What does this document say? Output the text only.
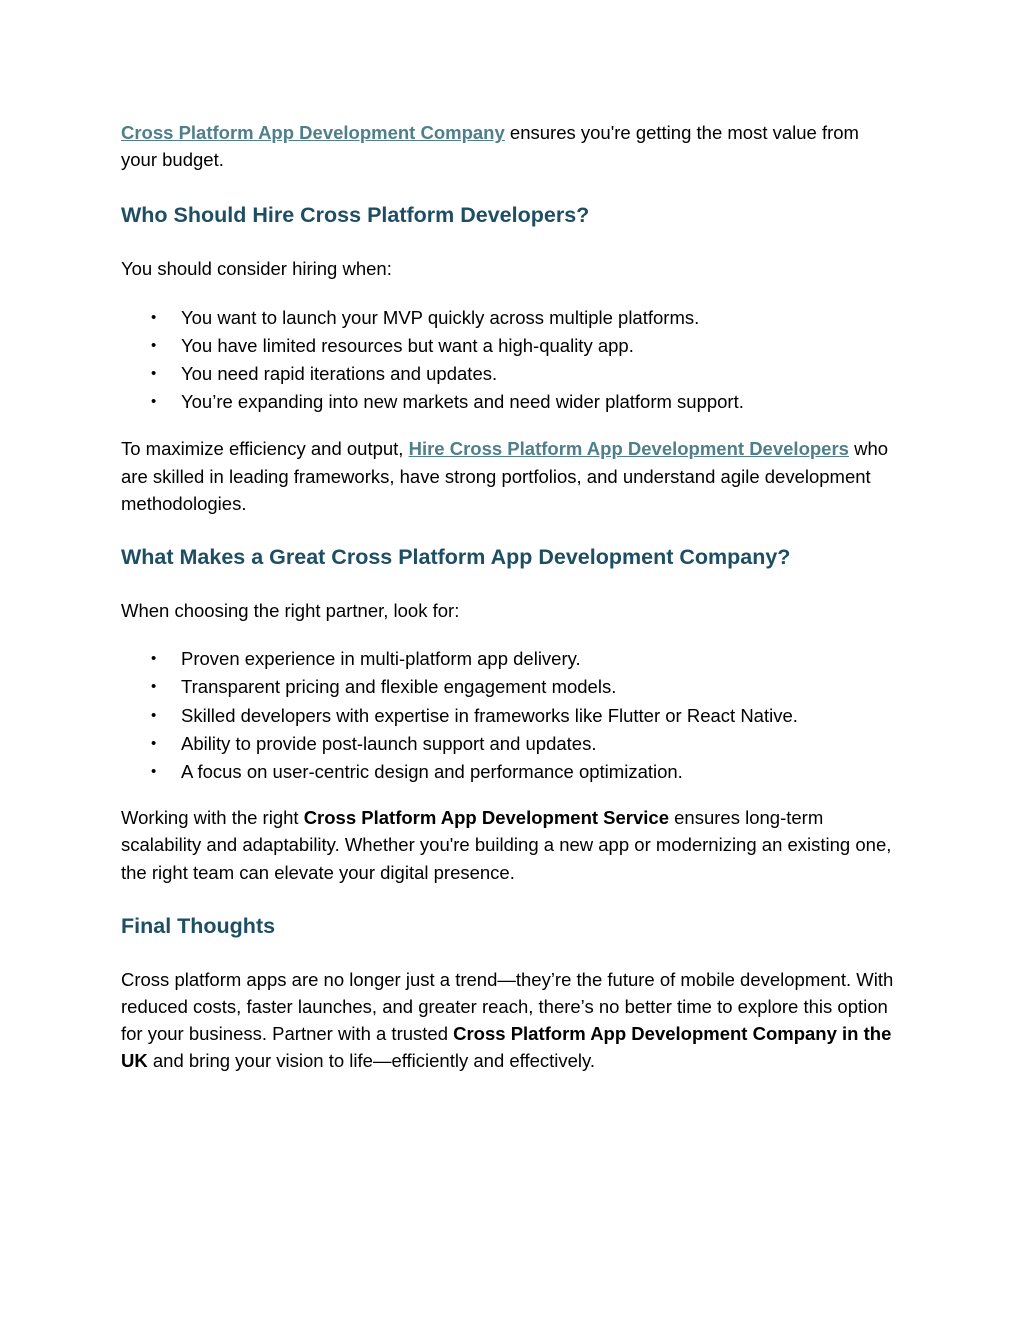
Cross Platform App Development Company ensures you're getting the most value from your budget.

Who Should Hire Cross Platform Developers?

You should consider hiring when:

• You want to launch your MVP quickly across multiple platforms.
• You have limited resources but want a high-quality app.
• You need rapid iterations and updates.
• You’re expanding into new markets and need wider platform support.

To maximize efficiency and output, Hire Cross Platform App Development Developers who are skilled in leading frameworks, have strong portfolios, and understand agile development methodologies.

What Makes a Great Cross Platform App Development Company?

When choosing the right partner, look for:

• Proven experience in multi-platform app delivery.
• Transparent pricing and flexible engagement models.
• Skilled developers with expertise in frameworks like Flutter or React Native.
• Ability to provide post-launch support and updates.
• A focus on user-centric design and performance optimization.

Working with the right Cross Platform App Development Service ensures long-term scalability and adaptability. Whether you're building a new app or modernizing an existing one, the right team can elevate your digital presence.

Final Thoughts

Cross platform apps are no longer just a trend—they’re the future of mobile development. With reduced costs, faster launches, and greater reach, there’s no better time to explore this option for your business. Partner with a trusted Cross Platform App Development Company in the UK and bring your vision to life—efficiently and effectively.
